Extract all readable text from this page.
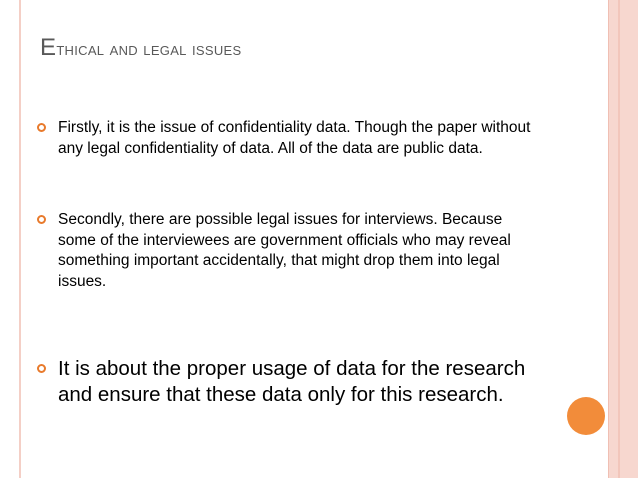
Ethical and legal issues
Firstly, it is the issue of confidentiality data. Though the paper without any legal confidentiality of data. All of the data are public data.
Secondly, there are possible legal issues for interviews. Because some of the interviewees are government officials who may reveal something important accidentally, that might drop them into legal issues.
It is about the proper usage of data for the research and ensure that these data only for this research.
